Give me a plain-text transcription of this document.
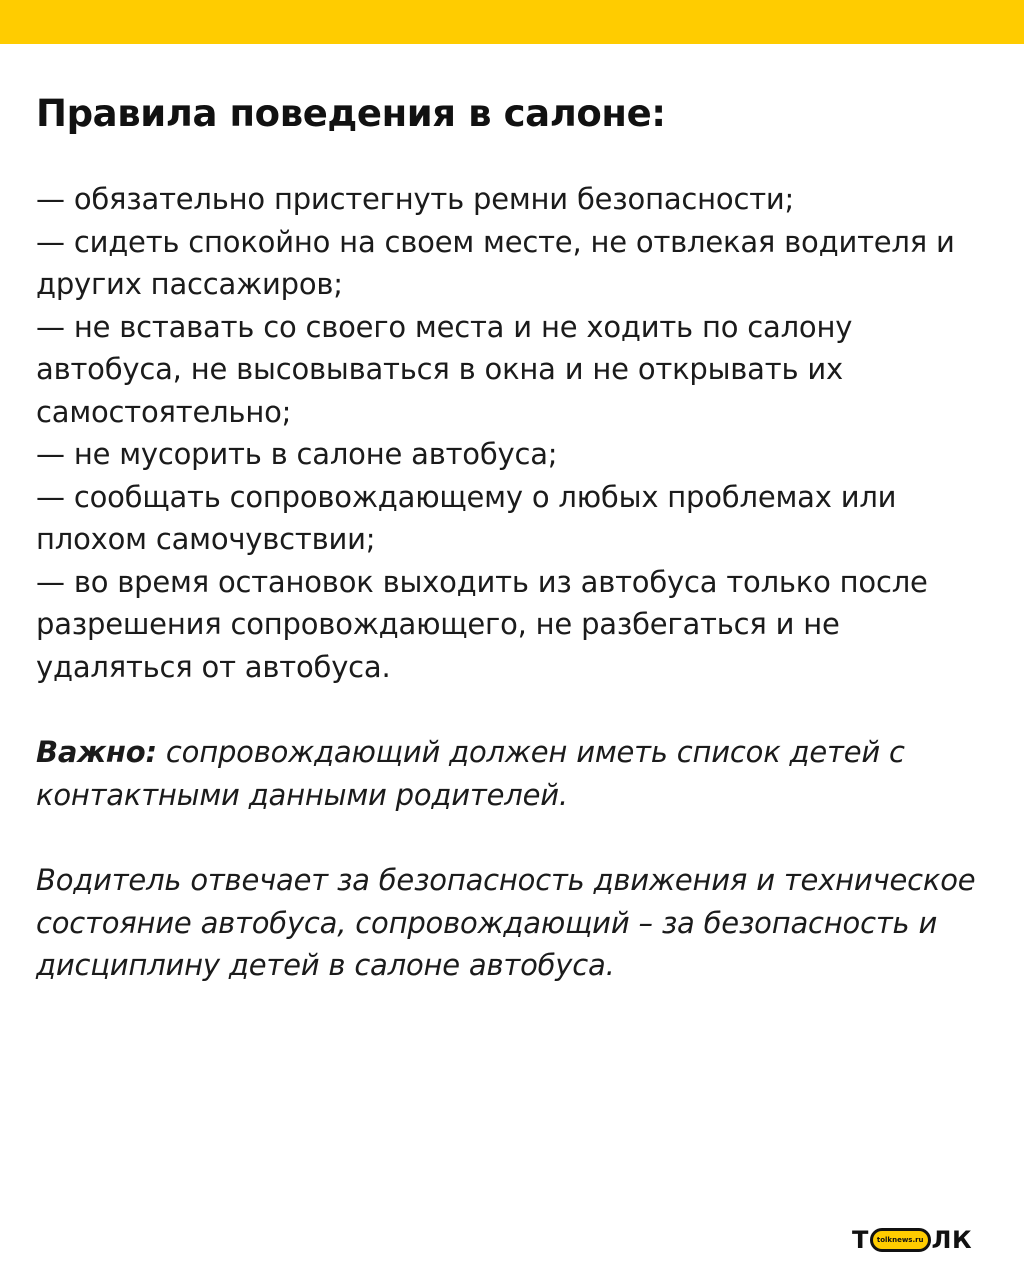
Правила поведения в салоне:
— обязательно пристегнуть ремни безопасности;
— сидеть спокойно на своем месте, не отвлекая водителя и других пассажиров;
— не вставать со своего места и не ходить по салону автобуса, не высовываться в окна и не открывать их самостоятельно;
— не мусорить в салоне автобуса;
— сообщать сопровождающему о любых проблемах или плохом самочувствии;
— во время остановок выходить из автобуса только после разрешения сопровождающего, не разбегаться и не удаляться от автобуса.

Важно: сопровождающий должен иметь список детей с контактными данными родителей.

Водитель отвечает за безопасность движения и техническое состояние автобуса, сопровождающий – за безопасность и дисциплину детей в салоне автобуса.

Т	tolknews.ru ЛК
